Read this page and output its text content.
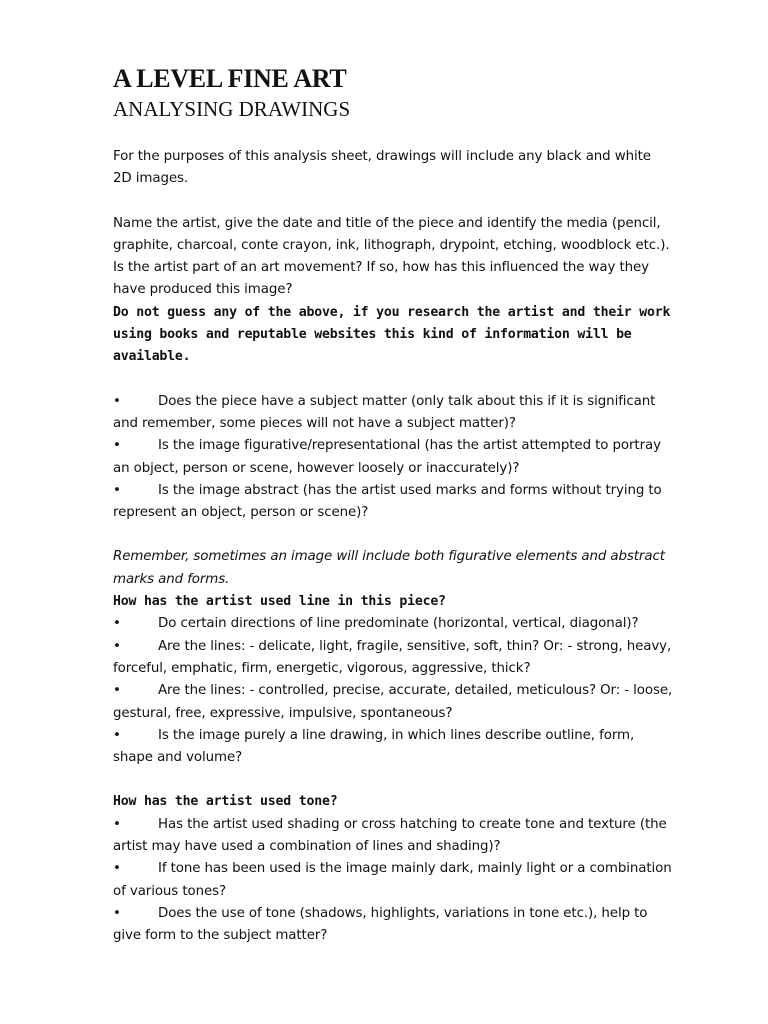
A LEVEL FINE ART
ANALYSING DRAWINGS

For the purposes of this analysis sheet, drawings will include any black and white 2D images.

Name the artist, give the date and title of the piece and identify the media (pencil, graphite, charcoal, conte crayon, ink, lithograph, drypoint, etching, woodblock etc.). Is the artist part of an art movement? If so, how has this influenced the way they have produced this image?

Do not guess any of the above, if you research the artist and their work using books and reputable websites this kind of information will be available.

•	Does the piece have a subject matter (only talk about this if it is significant and remember, some pieces will not have a subject matter)?

•	Is the image figurative/representational (has the artist attempted to portray an object, person or scene, however loosely or inaccurately)?

•	Is the image abstract (has the artist used marks and forms without trying to represent an object, person or scene)?

Remember, sometimes an image will include both figurative elements and abstract marks and forms.

How has the artist used line in this piece?

•	Do certain directions of line predominate (horizontal, vertical, diagonal)?

•	Are the lines: - delicate, light, fragile, sensitive, soft, thin? Or: - strong, heavy, forceful, emphatic, firm, energetic, vigorous, aggressive, thick?

•	Are the lines: - controlled, precise, accurate, detailed, meticulous? Or: - loose, gestural, free, expressive, impulsive, spontaneous?

•	Is the image purely a line drawing, in which lines describe outline, form, shape and volume?

How has the artist used tone?

•	Has the artist used shading or cross hatching to create tone and texture (the artist may have used a combination of lines and shading)?

•	If tone has been used is the image mainly dark, mainly light or a combination of various tones?

•	Does the use of tone (shadows, highlights, variations in tone etc.), help to give form to the subject matter?
